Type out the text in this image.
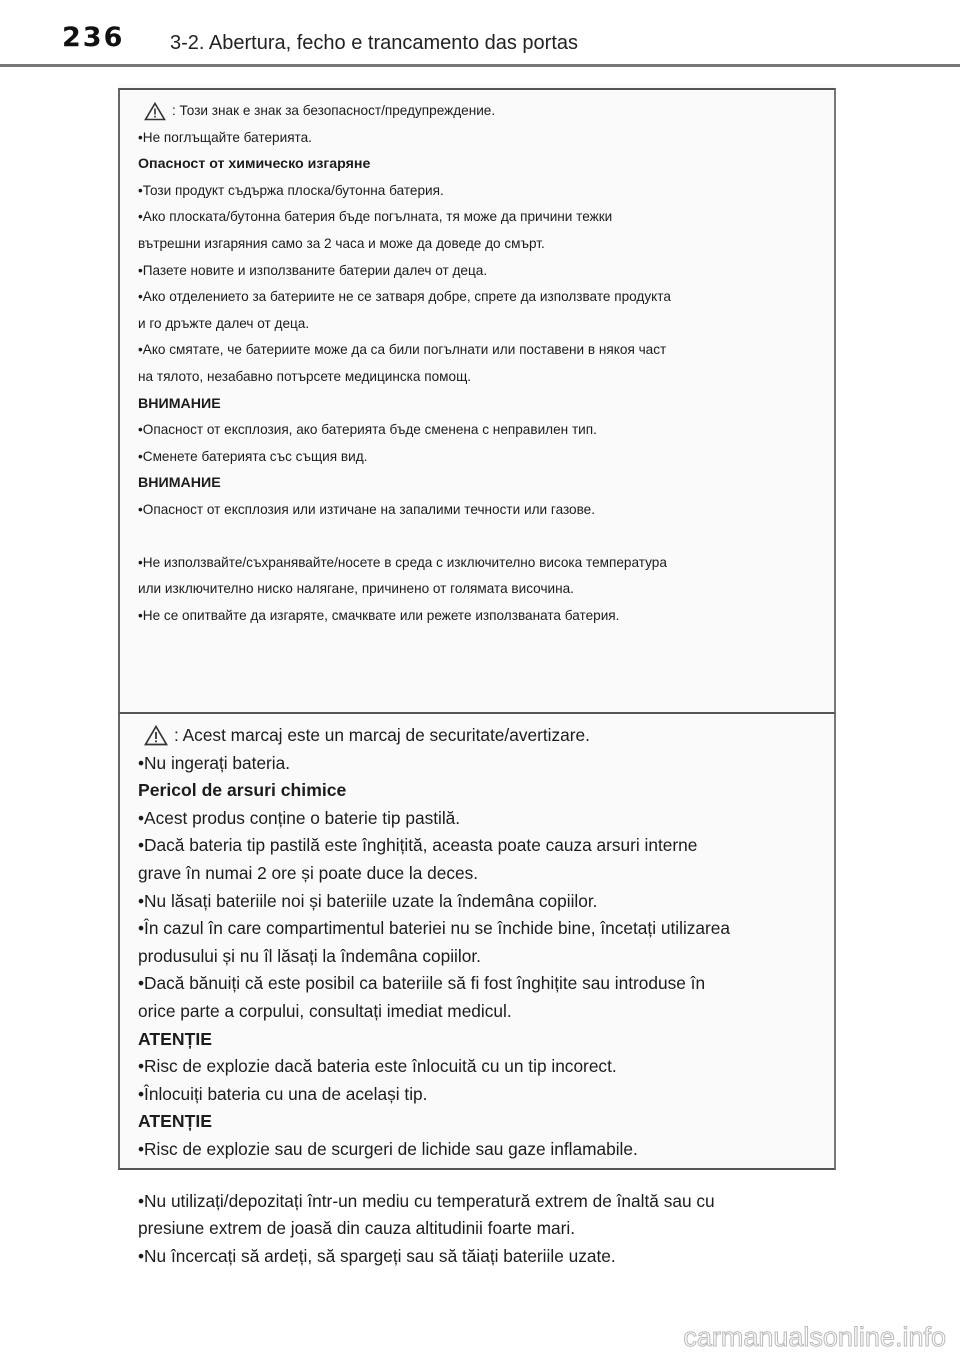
236 3-2. Abertura, fecho e trancamento das portas
: Този знак е знак за безопасност/предупреждение.
•Не поглъщайте батерията.
Опасност от химическо изгаряне
•Този продукт съдържа плоска/бутонна батерия.
•Ако плоската/бутонна батерия бъде погълната, тя може да причини тежки
вътрешни изгаряния само за 2 часа и може да доведе до смърт.
•Пазете новите и използваните батерии далеч от деца.
•Ако отделението за батериите не се затваря добре, спрете да използвате продукта
и го дръжте далеч от деца.
•Ако смятате, че батериите може да са били погълнати или поставени в някоя част
на тялото, незабавно потърсете медицинска помощ.
ВНИМАНИЕ
•Опасност от експлозия, ако батерията бъде сменена с неправилен тип.
•Сменете батерията със същия вид.
ВНИМАНИЕ
•Опасност от експлозия или изтичане на запалими течности или газове.
•Не използвайте/съхранявайте/носете в среда с изключително висока температура
или изключително ниско налягане, причинено от голямата височина.
•Не се опитвайте да изгаряте, смачквате или режете използваната батерия.
: Acest marcaj este un marcaj de securitate/avertizare.
•Nu ingerați bateria.
Pericol de arsuri chimice
•Acest produs conține o baterie tip pastilă.
•Dacă bateria tip pastilă este înghițită, aceasta poate cauza arsuri interne
grave în numai 2 ore și poate duce la deces.
•Nu lăsați bateriile noi și bateriile uzate la îndemâna copiilor.
•În cazul în care compartimentul bateriei nu se închide bine, încetați utilizarea
produsului și nu îl lăsați la îndemâna copiilor.
•Dacă bănuiți că este posibil ca bateriile să fi fost înghițite sau introduse în
orice parte a corpului, consultați imediat medicul.
ATENȚIE
•Risc de explozie dacă bateria este înlocuită cu un tip incorect.
•Înlocuiți bateria cu una de același tip.
ATENȚIE
•Risc de explozie sau de scurgeri de lichide sau gaze inflamabile.
•Nu utilizați/depozitați într-un mediu cu temperatură extrem de înaltă sau cu
presiune extrem de joasă din cauza altitudinii foarte mari.
•Nu încercați să ardeți, să spargeți sau să tăiați bateriile uzate.
carmanualsonline.info
